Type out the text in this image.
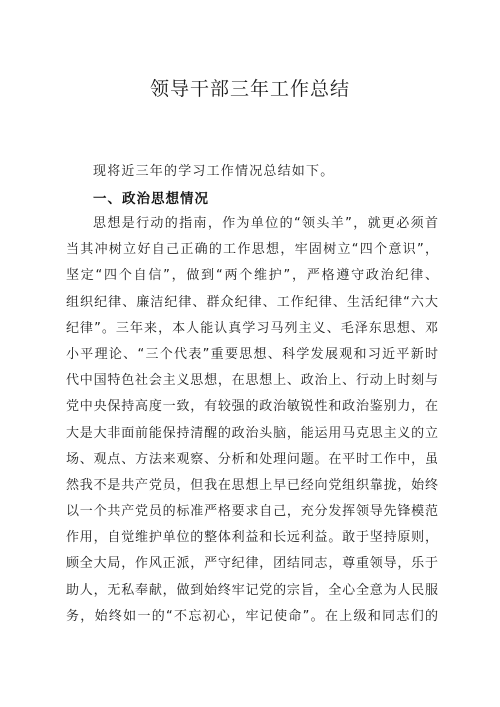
领导干部三年工作总结
现将近三年的学习工作情况总结如下。
一、政治思想情况
思想是行动的指南，作为单位的“领头羊”，就更必须首
当其冲树立好自己正确的工作思想，牢固树立“四个意识”，
坚定“四个自信”，做到“两个维护”，严格遵守政治纪律、
组织纪律、廉洁纪律、群众纪律、工作纪律、生活纪律“六大
纪律”。三年来，本人能认真学习马列主义、毛泽东思想、邓
小平理论、“三个代表”重要思想、科学发展观和习近平新时
代中国特色社会主义思想，在思想上、政治上、行动上时刻与
党中央保持高度一致，有较强的政治敏锐性和政治鉴别力，在
大是大非面前能保持清醒的政治头脑，能运用马克思主义的立
场、观点、方法来观察、分析和处理问题。在平时工作中，虽
然我不是共产党员，但我在思想上早已经向党组织靠拢，始终
以一个共产党员的标准严格要求自己，充分发挥领导先锋模范
作用，自觉维护单位的整体利益和长远利益。敢于坚持原则，
顾全大局，作风正派，严守纪律，团结同志，尊重领导，乐于
助人，无私奉献，做到始终牢记党的宗旨，全心全意为人民服
务，始终如一的“不忘初心，牢记使命”。在上级和同志们的
